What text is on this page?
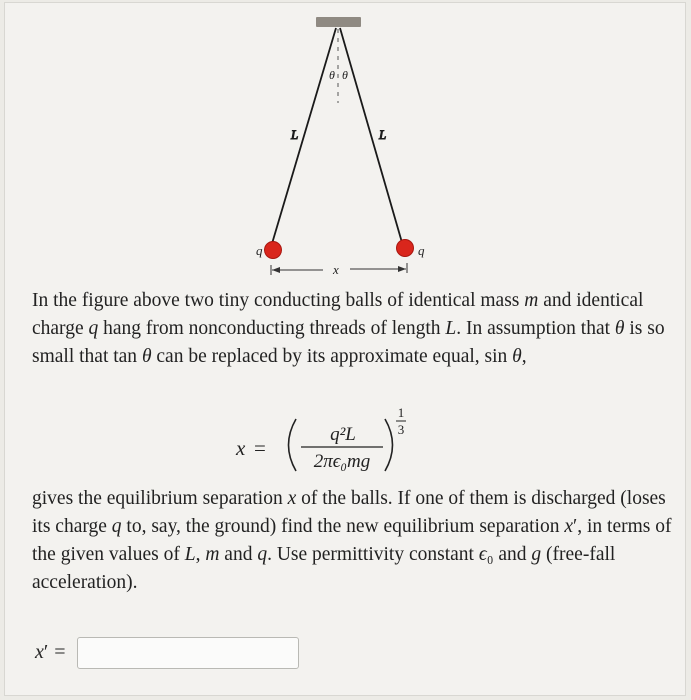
θ θ
L	L
q	q
x

In the figure above two tiny conducting balls of identical mass m and identical charge q hang from nonconducting threads of length L. In assumption that θ is so small that tan θ can be replaced by its approximate equal, sin θ,

x =
q²L
2πϵ₀mg
1
3

gives the equilibrium separation x of the balls. If one of them is discharged (loses its charge q to, say, the ground) find the new equilibrium separation x′, in terms of the given values of L, m and q. Use permittivity constant ϵ₀ and g (free-fall acceleration).

x′ =
